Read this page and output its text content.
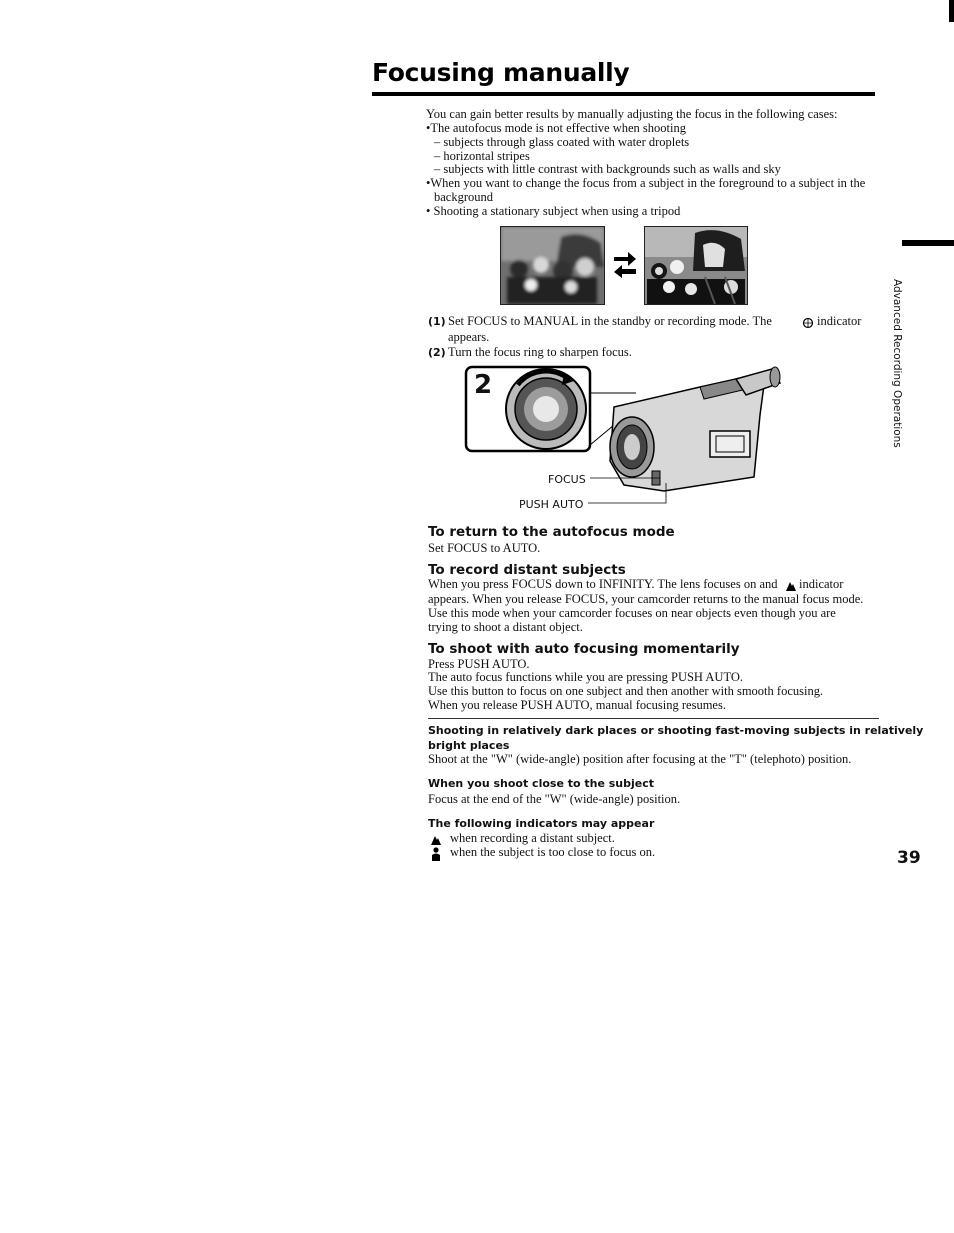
Focusing manually
Advanced Recording Operations
You can gain better results by manually adjusting the focus in the following cases:
•The autofocus mode is not effective when shooting
– subjects through glass coated with water droplets
– horizontal stripes
– subjects with little contrast with backgrounds such as walls and sky
•When you want to change the focus from a subject in the foreground to a subject in the
background
• Shooting a stationary subject when using a tripod
(1) Set FOCUS to MANUAL in the standby or recording mode. The	indicator
appears.
(2) Turn the focus ring to sharpen focus.
2
FOCUS
PUSH AUTO
To return to the autofocus mode
Set FOCUS to AUTO.
To record distant subjects
When you press FOCUS down to INFINITY. The lens focuses on and indicator
appears. When you release FOCUS, your camcorder returns to the manual focus mode.
Use this mode when your camcorder focuses on near objects even though you are
trying to shoot a distant object.
To shoot with auto focusing momentarily
Press PUSH AUTO.
The auto focus functions while you are pressing PUSH AUTO.
Use this button to focus on one subject and then another with smooth focusing.
When you release PUSH AUTO, manual focusing resumes.
Shooting in relatively dark places or shooting fast-moving subjects in relatively
bright places
Shoot at the "W" (wide-angle) position after focusing at the "T" (telephoto) position.
When you shoot close to the subject
Focus at the end of the "W" (wide-angle) position.
The following indicators may appear
when recording a distant subject.
when the subject is too close to focus on.	39
